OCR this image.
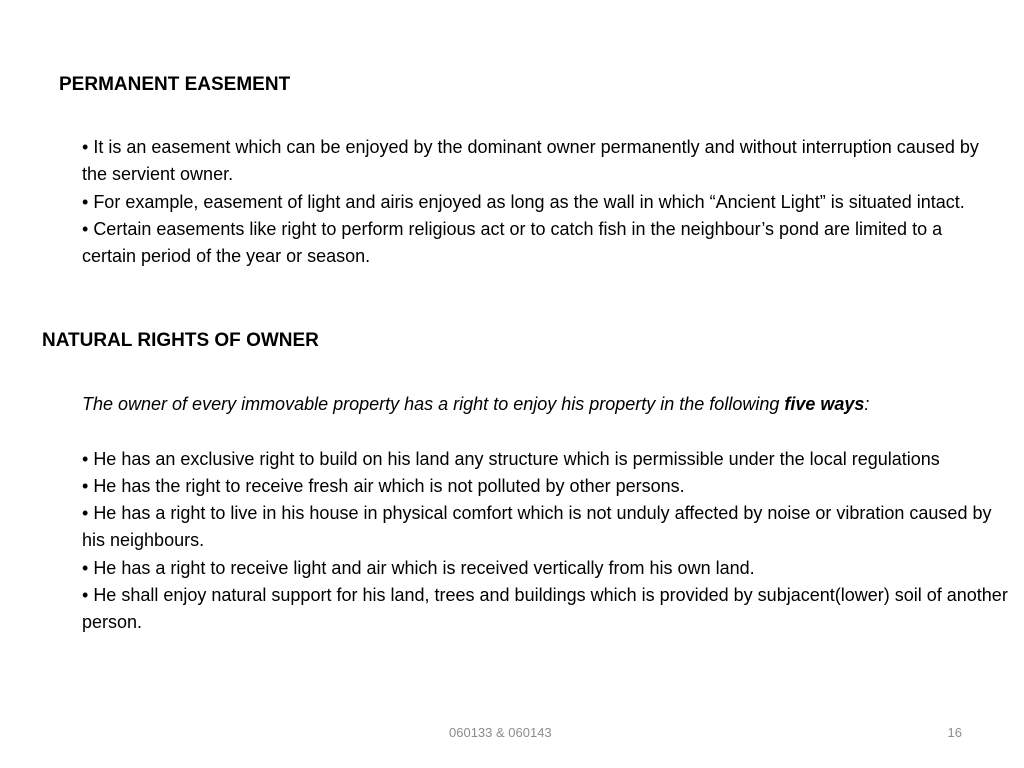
PERMANENT EASEMENT

• It is an easement which can be enjoyed by the dominant owner permanently and without interruption caused by the servient owner.

• For example, easement of light and airis enjoyed as long as the wall in which “Ancient Light” is situated intact.

• Certain easements like right to perform religious act or to catch fish in the neighbour’s pond are limited to a certain period of the year or season.

NATURAL RIGHTS OF OWNER

The owner of every immovable property has a right to enjoy his property in the following five ways:

• He has an exclusive right to build on his land any structure which is permissible under the local regulations

• He has the right to receive fresh air which is not polluted by other persons.

• He has a right to live in his house in physical comfort which is not unduly affected by noise or vibration caused by his neighbours.

• He has a right to receive light and air which is received vertically from his own land.

• He shall enjoy natural support for his land, trees and buildings which is provided by subjacent(lower) soil of another person.

060133 & 060143	16
